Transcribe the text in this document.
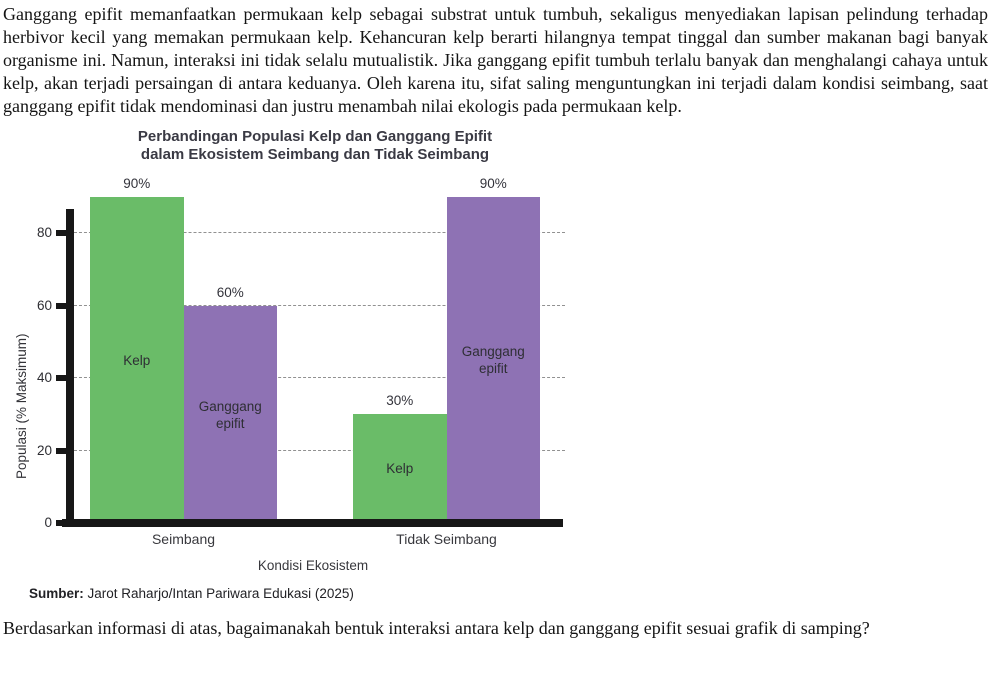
Ganggang epifit memanfaatkan permukaan kelp sebagai substrat untuk tumbuh, sekaligus menyediakan lapisan pelindung terhadap herbivor kecil yang memakan permukaan kelp. Kehancuran kelp berarti hilangnya tempat tinggal dan sumber makanan bagi banyak organisme ini. Namun, interaksi ini tidak selalu mutualistik. Jika ganggang epifit tumbuh terlalu banyak dan menghalangi cahaya untuk kelp, akan terjadi persaingan di antara keduanya. Oleh karena itu, sifat saling menguntungkan ini terjadi dalam kondisi seimbang, saat ganggang epifit tidak mendominasi dan justru menambah nilai ekologis pada permukaan kelp.
Perbandingan Populasi Kelp dan Ganggang Epifit
dalam Ekosistem Seimbang dan Tidak Seimbang
Populasi (% Maksimum)	Kelp
90%
Ganggang epifit
60%
Kelp
30%
Ganggang epifit
90%
Kondisi Ekosistem
Sumber: Jarot Raharjo/Intan Pariwara Edukasi (2025)
0
20
40
60
80
Seimbang	Tidak Seimbang
Berdasarkan informasi di atas, bagaimanakah bentuk interaksi antara kelp dan ganggang epifit sesuai grafik di samping?
